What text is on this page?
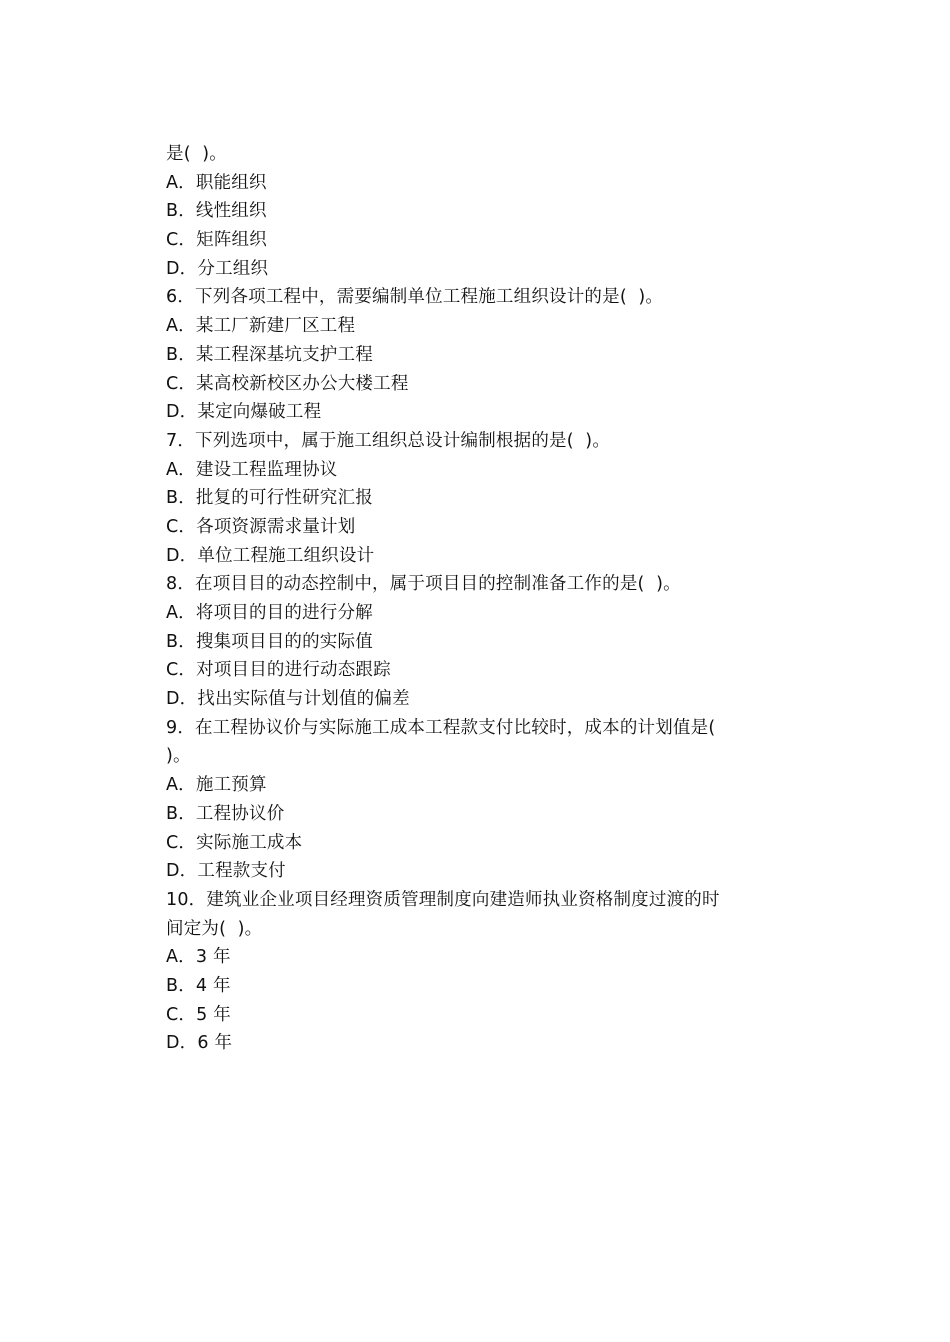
是(  )。
A．职能组织
B．线性组织
C．矩阵组织
D．分工组织
6．下列各项工程中，需要编制单位工程施工组织设计的是(  )。
A．某工厂新建厂区工程
B．某工程深基坑支护工程
C．某高校新校区办公大楼工程
D．某定向爆破工程
7．下列选项中，属于施工组织总设计编制根据的是(  )。
A．建设工程监理协议
B．批复的可行性研究汇报
C．各项资源需求量计划
D．单位工程施工组织设计
8．在项目目的动态控制中，属于项目目的控制准备工作的是(  )。
A．将项目的目的进行分解
B．搜集项目目的的实际值
C．对项目目的进行动态跟踪
D．找出实际值与计划值的偏差
9．在工程协议价与实际施工成本工程款支付比较时，成本的计划值是(
)。
A．施工预算
B．工程协议价
C．实际施工成本
D．工程款支付
10．建筑业企业项目经理资质管理制度向建造师执业资格制度过渡的时
间定为(  )。
A．3 年
B．4 年
C．5 年
D．6 年
